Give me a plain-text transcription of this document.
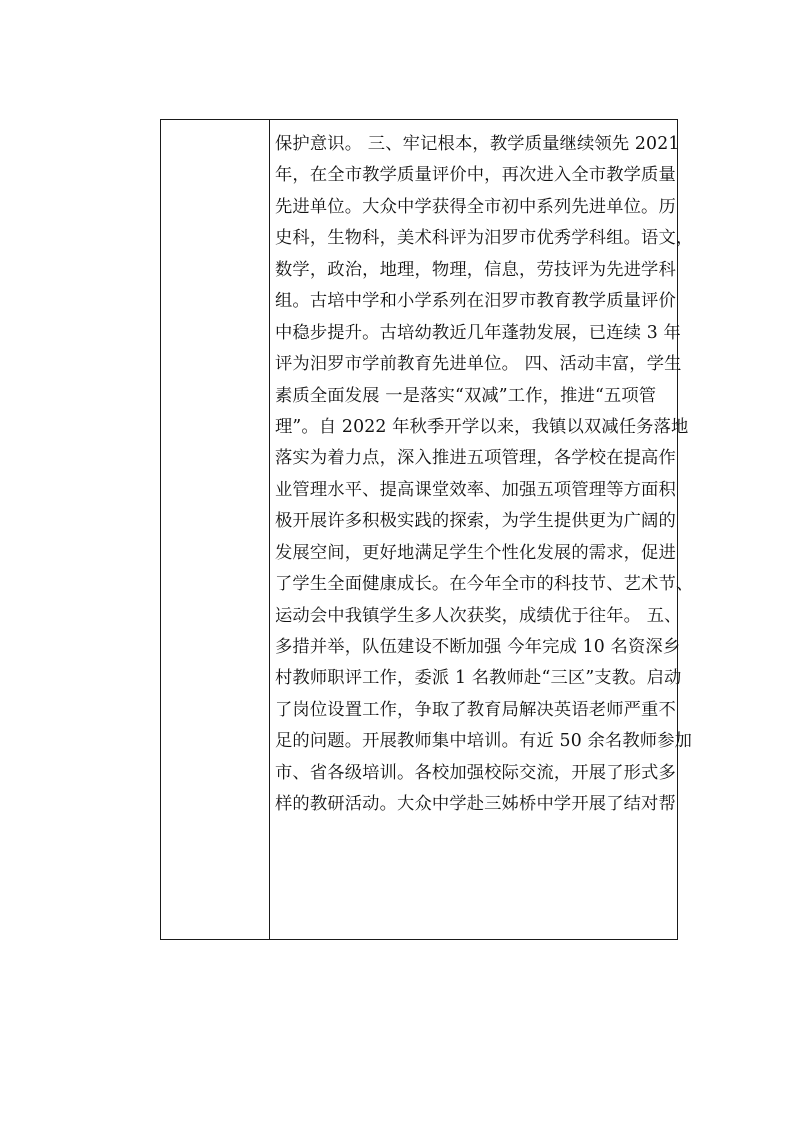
保护意识。 三、牢记根本，教学质量继续领先 2021
年，在全市教学质量评价中，再次进入全市教学质量
先进单位。大众中学获得全市初中系列先进单位。历
史科，生物科，美术科评为汨罗市优秀学科组。语文，
数学，政治，地理，物理，信息，劳技评为先进学科
组。古培中学和小学系列在汨罗市教育教学质量评价
中稳步提升。古培幼教近几年蓬勃发展，已连续 3 年
评为汨罗市学前教育先进单位。 四、活动丰富，学生
素质全面发展 一是落实“双减”工作，推进“五项管
理”。自 2022 年秋季开学以来，我镇以双减任务落地
落实为着力点，深入推进五项管理，各学校在提高作
业管理水平、提高课堂效率、加强五项管理等方面积
极开展许多积极实践的探索，为学生提供更为广阔的
发展空间，更好地满足学生个性化发展的需求，促进
了学生全面健康成长。在今年全市的科技节、艺术节、
运动会中我镇学生多人次获奖，成绩优于往年。 五、
多措并举，队伍建设不断加强 今年完成 10 名资深乡
村教师职评工作，委派 1 名教师赴“三区”支教。启动
了岗位设置工作，争取了教育局解决英语老师严重不
足的问题。开展教师集中培训。有近 50 余名教师参加
市、省各级培训。各校加强校际交流，开展了形式多
样的教研活动。大众中学赴三姊桥中学开展了结对帮
